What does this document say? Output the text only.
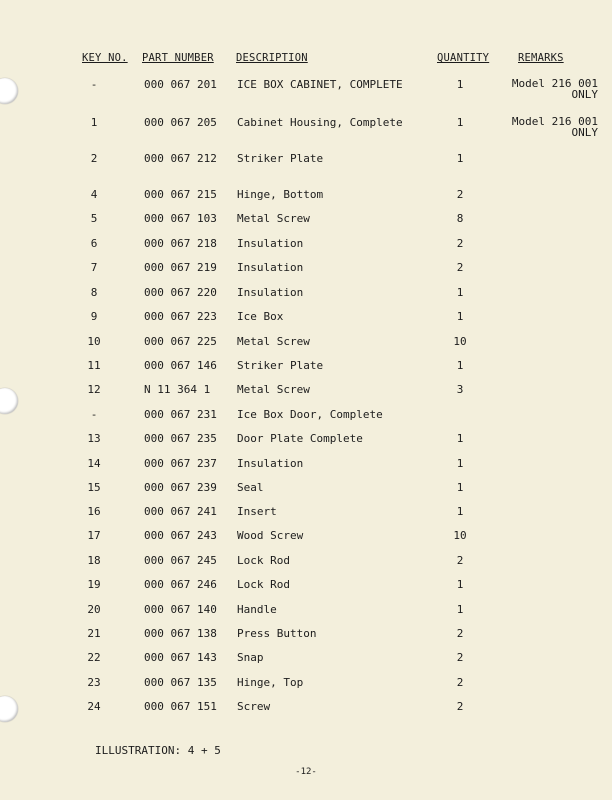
KEY NO. PART NUMBER DESCRIPTION	QUANTITY	REMARKS
-	000 067 201 ICE BOX CABINET, COMPLETE	1	Model 216 001
ONLY
1	000 067 205 Cabinet Housing, Complete	1	Model 216 001
ONLY
2	000 067 212 Striker Plate	1
4	000 067 215 Hinge, Bottom	2
5	000 067 103 Metal Screw	8
6	000 067 218 Insulation	2
7	000 067 219 Insulation	2
8	000 067 220 Insulation	1
9	000 067 223 Ice Box	1
10	000 067 225 Metal Screw	10
11	000 067 146 Striker Plate	1
12	N 11 364 1 Metal Screw	3
-	000 067 231 Ice Box Door, Complete
13	000 067 235 Door Plate Complete	1
14	000 067 237 Insulation	1
15	000 067 239 Seal	1
16	000 067 241 Insert	1
17	000 067 243 Wood Screw	10
18	000 067 245 Lock Rod	2
19	000 067 246 Lock Rod	1
20	000 067 140 Handle	1
21	000 067 138 Press Button	2
22	000 067 143 Snap	2
23	000 067 135 Hinge, Top	2
24	000 067 151 Screw	2
ILLUSTRATION: 4 + 5
-12-
